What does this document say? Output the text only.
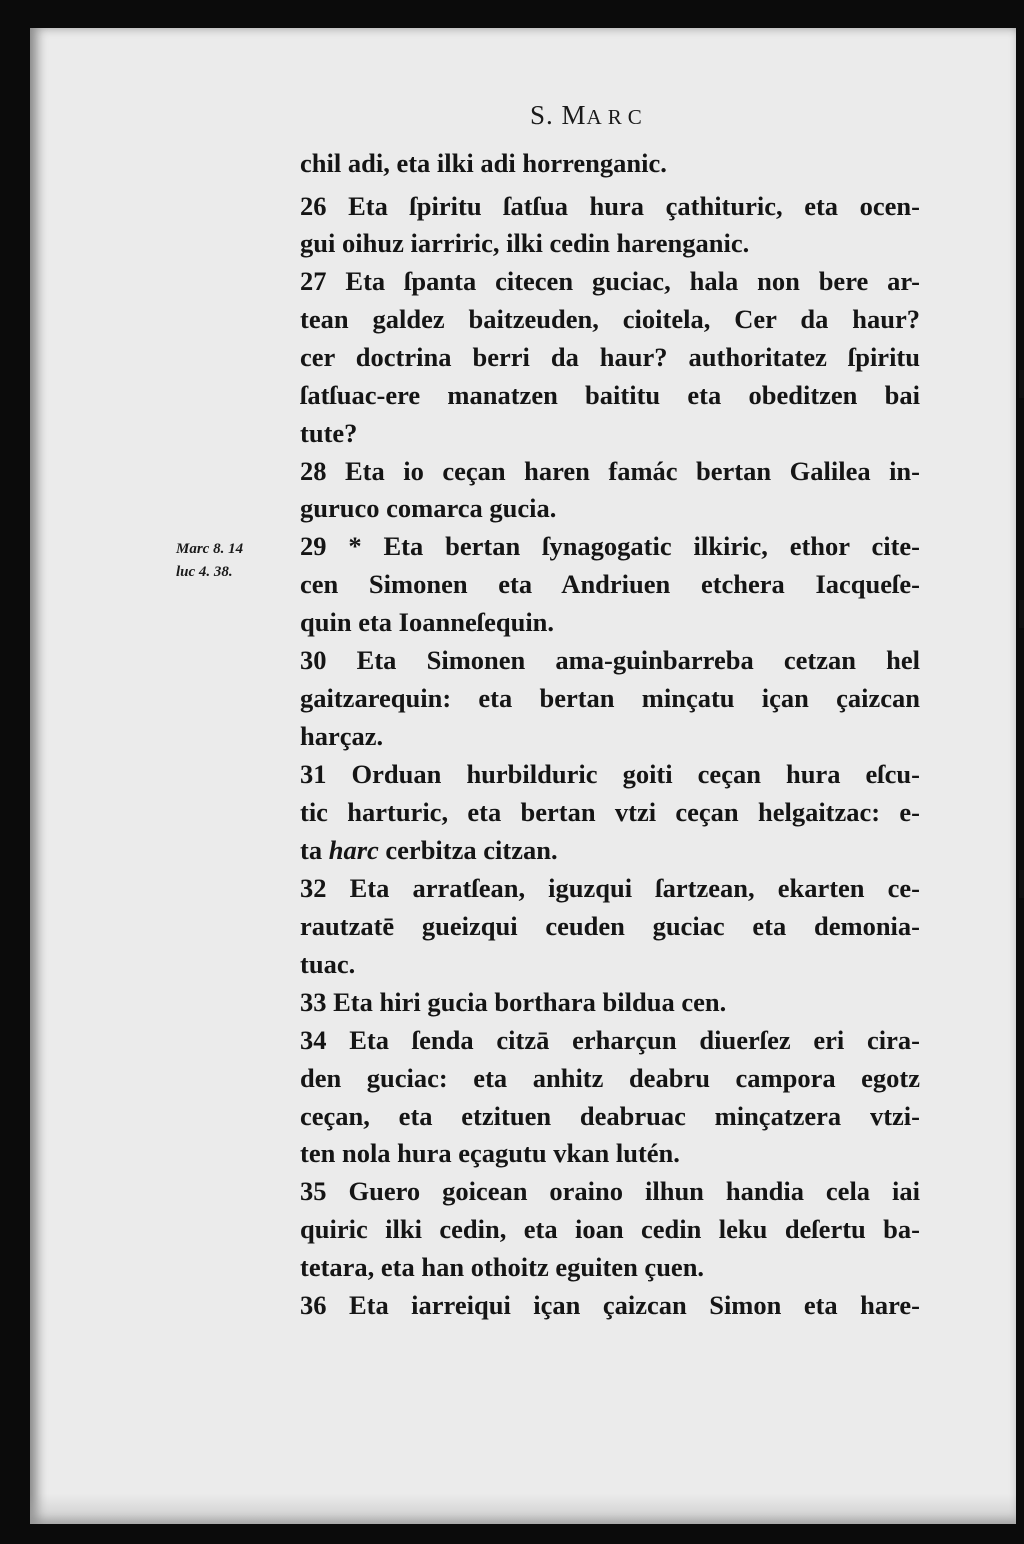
S. MARC
Marc 8. 14
luc 4. 38.
chil adi, eta ilki adi horrenganic.
26 Eta ſpiritu ſatſua hura çathituric, eta ocen-
gui oihuz iarriric, ilki cedin harenganic.
27 Eta ſpanta citecen guciac, hala non bere ar-
tean galdez baitzeuden, cioitela, Cer da haur?
cer doctrina berri da haur? authoritatez ſpiritu
ſatſuac-ere manatzen baititu eta obeditzen bai
tute?
28 Eta io ceçan haren famác bertan Galilea in-
guruco comarca gucia.
29 * Eta bertan ſynagogatic ilkiric, ethor cite-
cen Simonen eta Andriuen etchera Iacqueſe-
quin eta Ioanneſequin.
30 Eta Simonen ama-guinbarreba cetzan hel
gaitzarequin: eta bertan minçatu içan çaizcan
harçaz.
31 Orduan hurbilduric goiti ceçan hura eſcu-
tic harturic, eta bertan vtzi ceçan helgaitzac: e-
ta harc cerbitza citzan.
32 Eta arratſean, iguzqui ſartzean, ekarten ce-
rautzatē gueizqui ceuden guciac eta demonia-
tuac.
33 Eta hiri gucia borthara bildua cen.
34 Eta ſenda citzā erharçun diuerſez eri cira-
den guciac: eta anhitz deabru campora egotz
ceçan, eta etzituen deabruac minçatzera vtzi-
ten nola hura eçagutu vkan lutén.
35 Guero goicean oraino ilhun handia cela iai
quiric ilki cedin, eta ioan cedin leku deſertu ba-
tetara, eta han othoitz eguiten çuen.
36 Eta iarreiqui içan çaizcan Simon eta hare-
